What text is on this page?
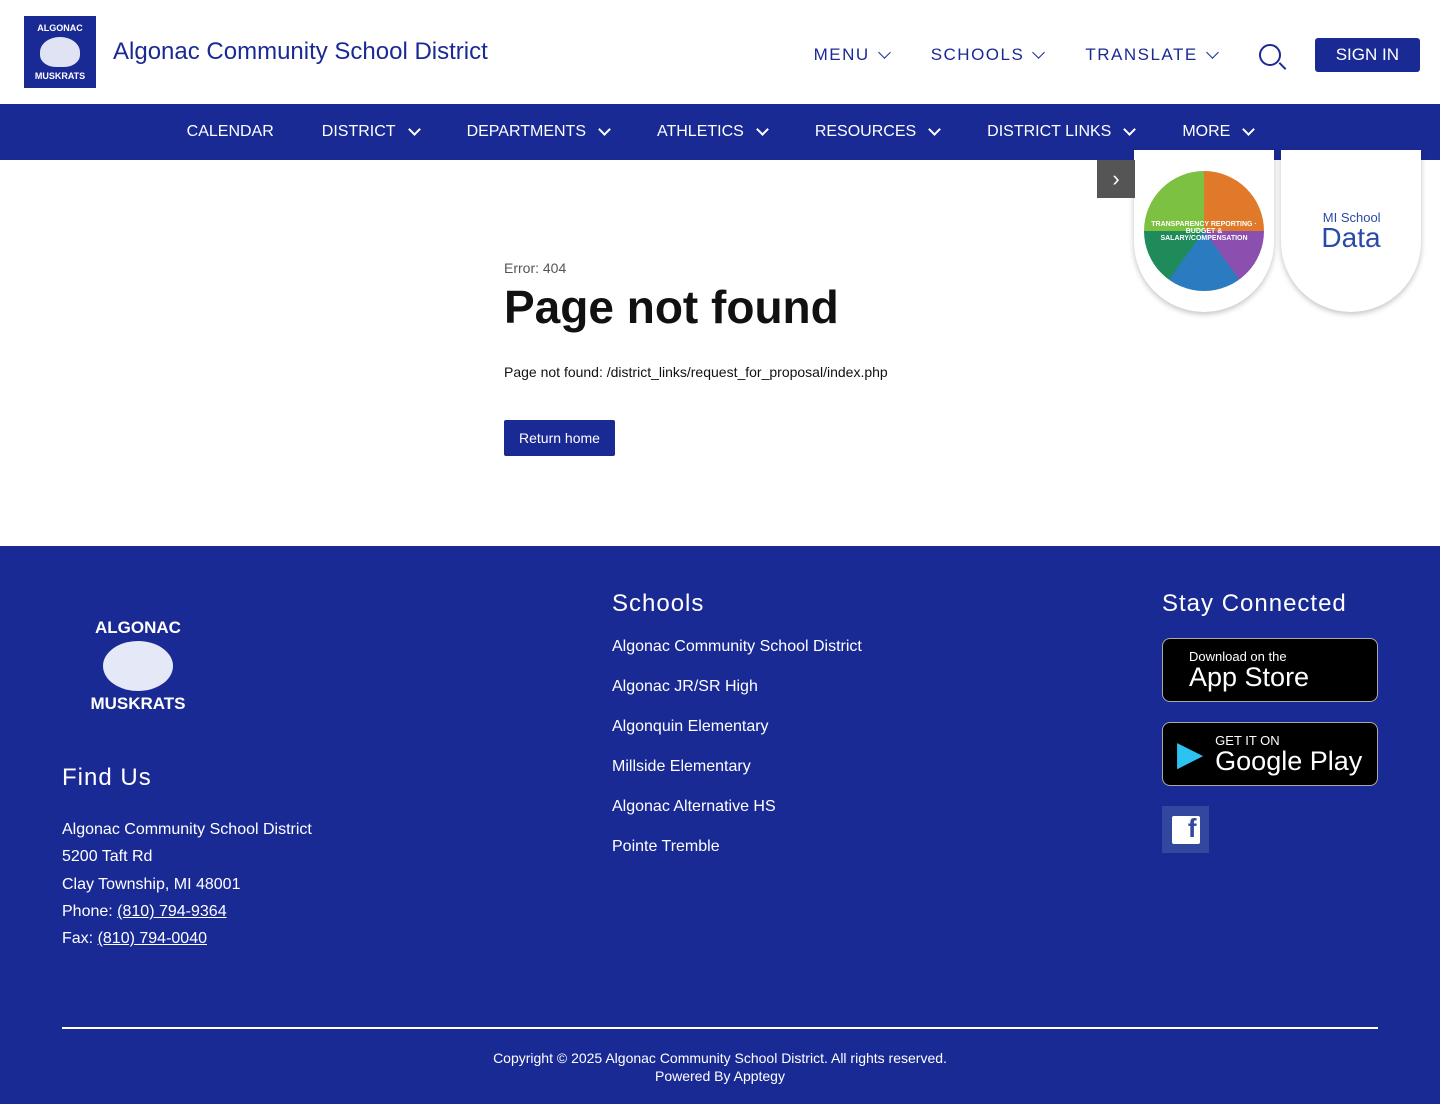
ALGONAC
MUSKRATS
Algonac Community School District	MENU	SCHOOLS	TRANSLATE	SIGN IN
CALENDAR	DISTRICT	DEPARTMENTS	ATHLETICS	RESOURCES	DISTRICT LINKS	MORE
›
TRANSPARENCY REPORTING · BUDGET & SALARY/COMPENSATION
MI School
Data
Error: 404
Page not found
Page not found: /district_links/request_for_proposal/index.php
Return home
ALGONAC
MUSKRATS
Find Us
Algonac Community School District
5200 Taft Rd
Clay Township, MI 48001
Phone: (810) 794-9364
Fax: (810) 794-0040
Schools
Algonac Community School District
Algonac JR/SR High
Algonquin Elementary
Millside Elementary
Algonac Alternative HS
Pointe Tremble
Stay Connected
Download on the
App Store
▶ GET IT ON
Google Play
f
Copyright © 2025 Algonac Community School District. All rights reserved.
Powered By Apptegy
